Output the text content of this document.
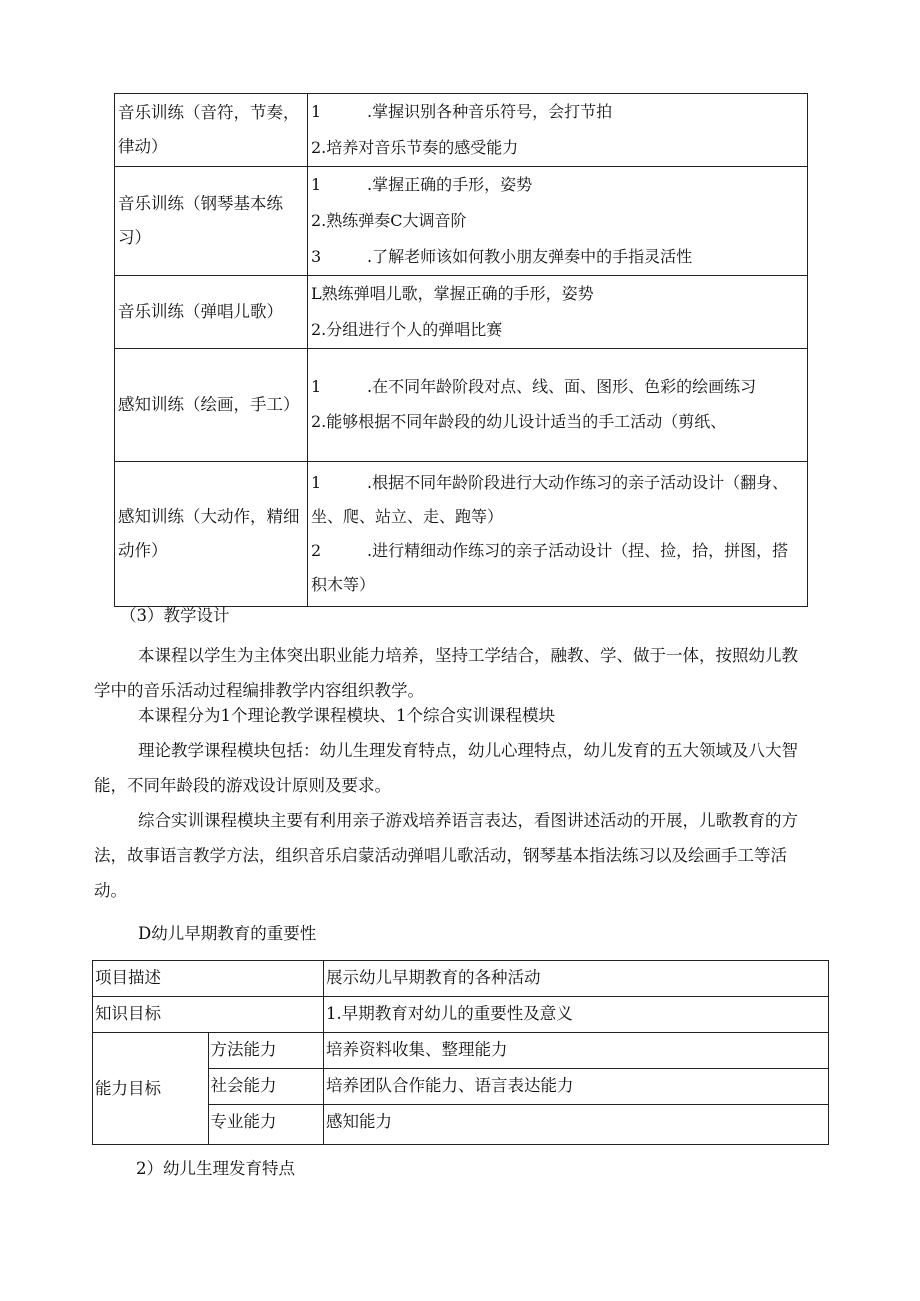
音乐训练（音符，节奏，律动）	1 .掌握识别各种音乐符号，会打节拍
2.培养对音乐节奏的感受能力

音乐训练（钢琴基本练习）	1 .掌握正确的手形，姿势
2.熟练弹奏C大调音阶
3 .了解老师该如何教小朋友弹奏中的手指灵活性

音乐训练（弹唱儿歌）	L熟练弹唱儿歌，掌握正确的手形，姿势
2.分组进行个人的弹唱比赛

感知训练（绘画，手工）	1 .在不同年龄阶段对点、线、面、图形、色彩的绘画练习
2.能够根据不同年龄段的幼儿设计适当的手工活动（剪纸、

感知训练（大动作，精细动作）	1 .根据不同年龄阶段进行大动作练习的亲子活动设计（翻身、坐、爬、站立、走、跑等）
2 .进行精细动作练习的亲子活动设计（捏、捡，拾，拼图，搭积木等）

（3）教学设计

本课程以学生为主体突出职业能力培养，坚持工学结合，融教、学、做于一体，按照幼儿教学中的音乐活动过程编排教学内容组织教学。

本课程分为1个理论教学课程模块、1个综合实训课程模块

理论教学课程模块包括：幼儿生理发育特点，幼儿心理特点，幼儿发育的五大领域及八大智能，不同年龄段的游戏设计原则及要求。

综合实训课程模块主要有利用亲子游戏培养语言表达，看图讲述活动的开展，儿歌教育的方法，故事语言教学方法，组织音乐启蒙活动弹唱儿歌活动，钢琴基本指法练习以及绘画手工等活动。

D幼儿早期教育的重要性

项目描述		展示幼儿早期教育的各种活动
知识目标		1.早期教育对幼儿的重要性及意义
能力目标	方法能力	培养资料收集、整理能力
	社会能力	培养团队合作能力、语言表达能力
	专业能力	感知能力

2）幼儿生理发育特点
